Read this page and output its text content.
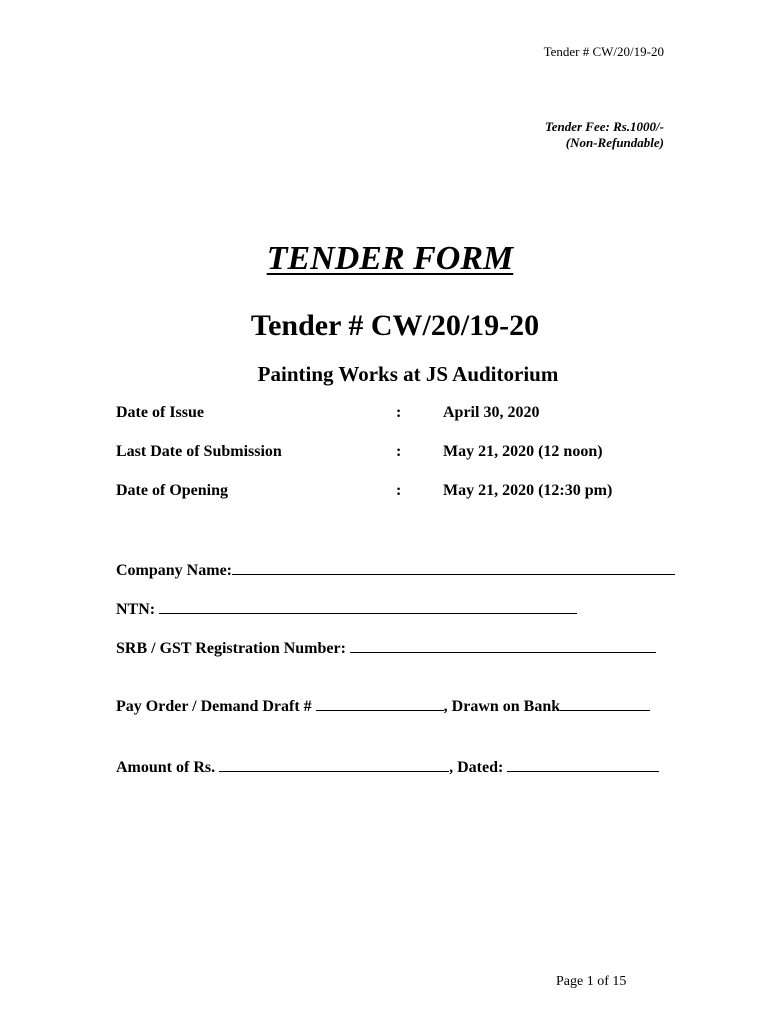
Tender # CW/20/19-20
Tender Fee: Rs.1000/-
(Non-Refundable)
TENDER FORM
Tender # CW/20/19-20
Painting Works at JS Auditorium
Date of Issue	:	April 30, 2020
Last Date of Submission	:	May 21, 2020 (12 noon)
Date of Opening	:	May 21, 2020 (12:30 pm)
Company Name:
NTN:
SRB / GST Registration Number:
Pay Order / Demand Draft #	, Drawn on Bank
Amount of Rs.	, Dated:
Page 1 of 15
